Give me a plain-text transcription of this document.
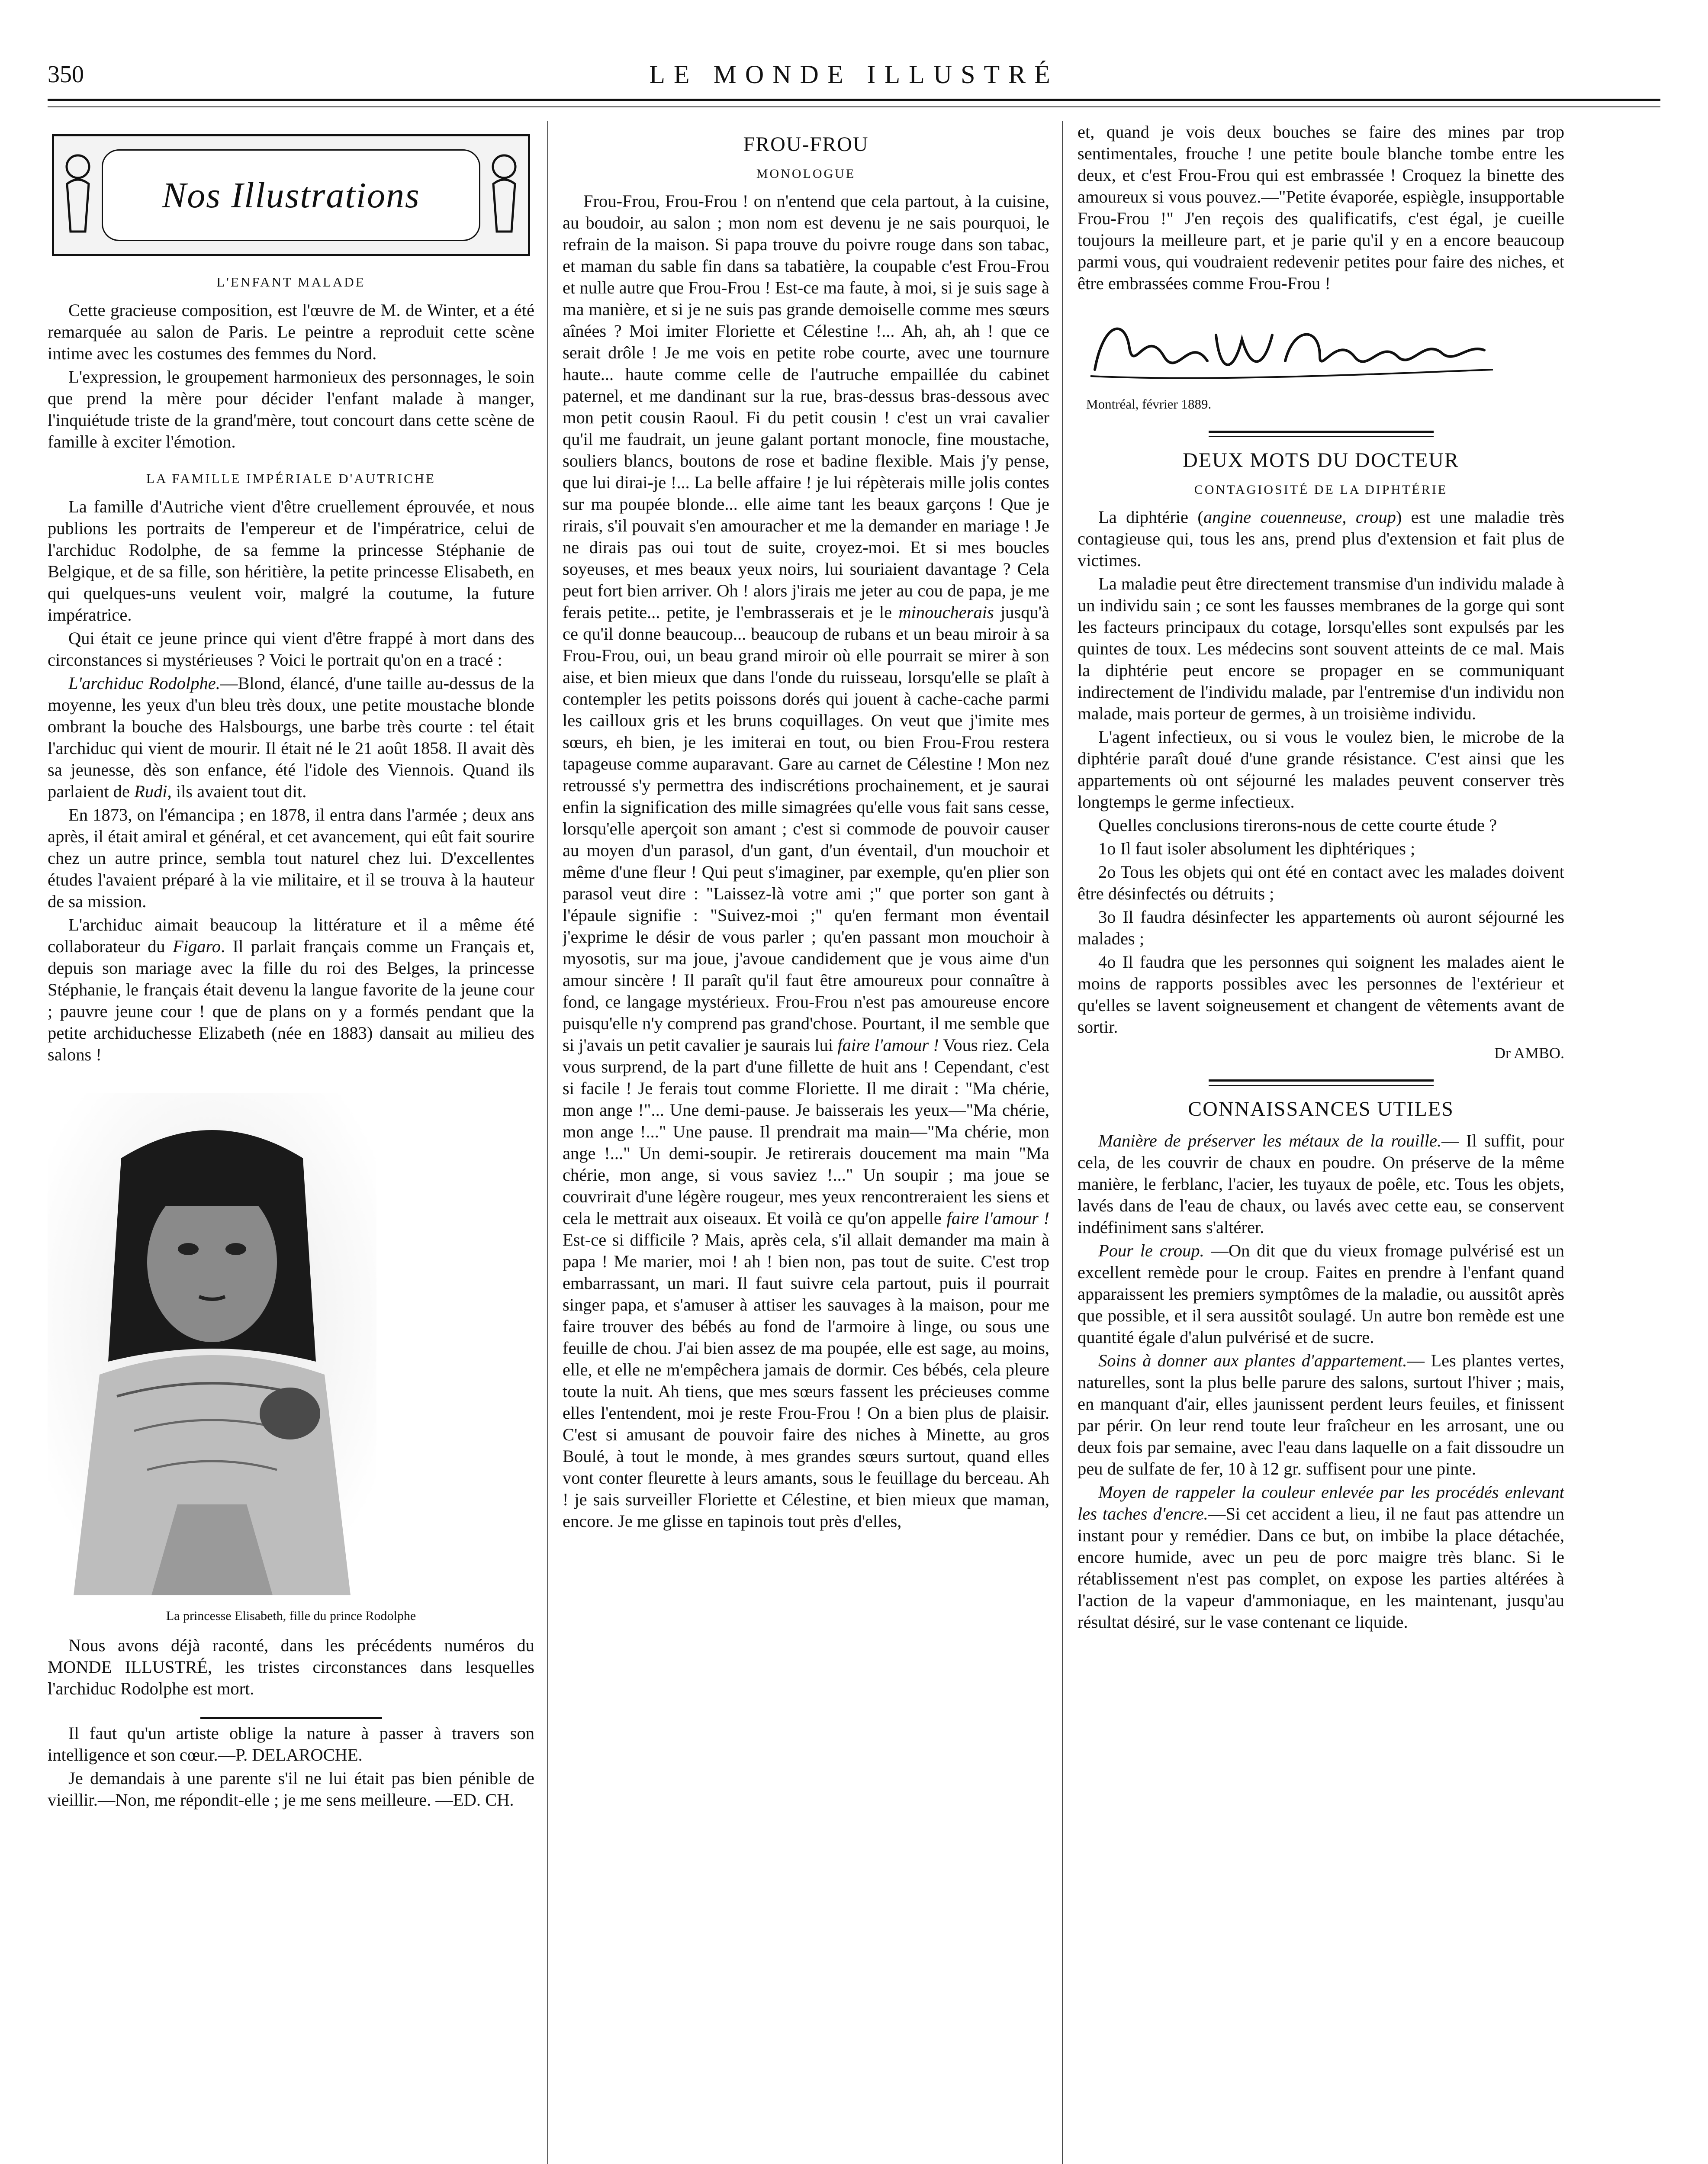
350	LE MONDE ILLUSTRÉ
Nos Illustrations
L'ENFANT MALADE

Cette gracieuse composition, est l'œuvre de M. de Winter, et a été remarquée au salon de Paris. Le peintre a reproduit cette scène intime avec les costumes des femmes du Nord.

L'expression, le groupement harmonieux des personnages, le soin que prend la mère pour décider l'enfant malade à manger, l'inquiétude triste de la grand'mère, tout concourt dans cette scène de famille à exciter l'émotion.

LA FAMILLE IMPÉRIALE D'AUTRICHE

La famille d'Autriche vient d'être cruellement éprouvée, et nous publions les portraits de l'empereur et de l'impératrice, celui de l'archiduc Rodolphe, de sa femme la princesse Stéphanie de Belgique, et de sa fille, son héritière, la petite princesse Elisabeth, en qui quelques-uns veulent voir, malgré la coutume, la future impératrice.

Qui était ce jeune prince qui vient d'être frappé à mort dans des circonstances si mystérieuses ? Voici le portrait qu'on en a tracé :

L'archiduc Rodolphe.—Blond, élancé, d'une taille au-dessus de la moyenne, les yeux d'un bleu très doux, une petite moustache blonde ombrant la bouche des Halsbourgs, une barbe très courte : tel était l'archiduc qui vient de mourir. Il était né le 21 août 1858. Il avait dès sa jeunesse, dès son enfance, été l'idole des Viennois. Quand ils parlaient de Rudi, ils avaient tout dit.

En 1873, on l'émancipa ; en 1878, il entra dans l'armée ; deux ans après, il était amiral et général, et cet avancement, qui eût fait sourire chez un autre prince, sembla tout naturel chez lui. D'excellentes études l'avaient préparé à la vie militaire, et il se trouva à la hauteur de sa mission.

L'archiduc aimait beaucoup la littérature et il a même été collaborateur du Figaro. Il parlait français comme un Français et, depuis son mariage avec la fille du roi des Belges, la princesse Stéphanie, le français était devenu la langue favorite de la jeune cour ; pauvre jeune cour ! que de plans on y a formés pendant que la petite archiduchesse Elizabeth (née en 1883) dansait au milieu des salons !

La princesse Elisabeth, fille du prince Rodolphe

Nous avons déjà raconté, dans les précédents numéros du MONDE ILLUSTRÉ, les tristes circonstances dans lesquelles l'archiduc Rodolphe est mort.

Il faut qu'un artiste oblige la nature à passer à travers son intelligence et son cœur.—P. DELAROCHE.

Je demandais à une parente s'il ne lui était pas bien pénible de vieillir.—Non, me répondit-elle ; je me sens meilleure. —ED. CH.

FROU-FROU
MONOLOGUE

Frou-Frou, Frou-Frou ! on n'entend que cela partout, à la cuisine, au boudoir, au salon ; mon nom est devenu je ne sais pourquoi, le refrain de la maison. Si papa trouve du poivre rouge dans son tabac, et maman du sable fin dans sa tabatière, la coupable c'est Frou-Frou et nulle autre que Frou-Frou ! Est-ce ma faute, à moi, si je suis sage à ma manière, et si je ne suis pas grande demoiselle comme mes sœurs aînées ? Moi imiter Floriette et Célestine !... Ah, ah, ah ! que ce serait drôle ! Je me vois en petite robe courte, avec une tournure haute... haute comme celle de l'autruche empaillée du cabinet paternel, et me dandinant sur la rue, bras-dessus bras-dessous avec mon petit cousin Raoul. Fi du petit cousin ! c'est un vrai cavalier qu'il me faudrait, un jeune galant portant monocle, fine moustache, souliers blancs, boutons de rose et badine flexible. Mais j'y pense, que lui dirai-je !... La belle affaire ! je lui répèterais mille jolis contes sur ma poupée blonde... elle aime tant les beaux garçons ! Que je rirais, s'il pouvait s'en amouracher et me la demander en mariage ! Je ne dirais pas oui tout de suite, croyez-moi. Et si mes boucles soyeuses, et mes beaux yeux noirs, lui souriaient davantage ? Cela peut fort bien arriver. Oh ! alors j'irais me jeter au cou de papa, je me ferais petite... petite, je l'embrasserais et je le minoucherais jusqu'à ce qu'il donne beaucoup... beaucoup de rubans et un beau miroir à sa Frou-Frou, oui, un beau grand miroir où elle pourrait se mirer à son aise, et bien mieux que dans l'onde du ruisseau, lorsqu'elle se plaît à contempler les petits poissons dorés qui jouent à cache-cache parmi les cailloux gris et les bruns coquillages. On veut que j'imite mes sœurs, eh bien, je les imiterai en tout, ou bien Frou-Frou restera tapageuse comme auparavant. Gare au carnet de Célestine ! Mon nez retroussé s'y permettra des indiscrétions prochainement, et je saurai enfin la signification des mille simagrées qu'elle vous fait sans cesse, lorsqu'elle aperçoit son amant ; c'est si commode de pouvoir causer au moyen d'un parasol, d'un gant, d'un éventail, d'un mouchoir et même d'une fleur ! Qui peut s'imaginer, par exemple, qu'en plier son parasol veut dire : "Laissez-là votre ami ;" que porter son gant à l'épaule signifie : "Suivez-moi ;" qu'en fermant mon éventail j'exprime le désir de vous parler ; qu'en passant mon mouchoir à myosotis, sur ma joue, j'avoue candidement que je vous aime d'un amour sincère ! Il paraît qu'il faut être amoureux pour connaître à fond, ce langage mystérieux. Frou-Frou n'est pas amoureuse encore puisqu'elle n'y comprend pas grand'chose. Pourtant, il me semble que si j'avais un petit cavalier je saurais lui faire l'amour ! Vous riez. Cela vous surprend, de la part d'une fillette de huit ans ! Cependant, c'est si facile ! Je ferais tout comme Floriette. Il me dirait : "Ma chérie, mon ange !"... Une demi-pause. Je baisserais les yeux—"Ma chérie, mon ange !..." Une pause. Il prendrait ma main—"Ma chérie, mon ange !..." Un demi-soupir. Je retirerais doucement ma main "Ma chérie, mon ange, si vous saviez !..." Un soupir ; ma joue se couvrirait d'une légère rougeur, mes yeux rencontreraient les siens et cela le mettrait aux oiseaux. Et voilà ce qu'on appelle faire l'amour ! Est-ce si difficile ? Mais, après cela, s'il allait demander ma main à papa ! Me marier, moi ! ah ! bien non, pas tout de suite. C'est trop embarrassant, un mari. Il faut suivre cela partout, puis il pourrait singer papa, et s'amuser à attiser les sauvages à la maison, pour me faire trouver des bébés au fond de l'armoire à linge, ou sous une feuille de chou. J'ai bien assez de ma poupée, elle est sage, au moins, elle, et elle ne m'empêchera jamais de dormir. Ces bébés, cela pleure toute la nuit. Ah tiens, que mes sœurs fassent les précieuses comme elles l'entendent, moi je reste Frou-Frou ! On a bien plus de plaisir. C'est si amusant de pouvoir faire des niches à Minette, au gros Boulé, à tout le monde, à mes grandes sœurs surtout, quand elles vont conter fleurette à leurs amants, sous le feuillage du berceau. Ah ! je sais surveiller Floriette et Célestine, et bien mieux que maman, encore. Je me glisse en tapinois tout près d'elles,

et, quand je vois deux bouches se faire des mines par trop sentimentales, frouche ! une petite boule blanche tombe entre les deux, et c'est Frou-Frou qui est embrassée ! Croquez la binette des amoureux si vous pouvez.—"Petite évaporée, espiègle, insupportable Frou-Frou !" J'en reçois des qualificatifs, c'est égal, je cueille toujours la meilleure part, et je parie qu'il y en a encore beaucoup parmi vous, qui voudraient redevenir petites pour faire des niches, et être embrassées comme Frou-Frou !

Montréal, février 1889.

DEUX MOTS DU DOCTEUR
CONTAGIOSITÉ DE LA DIPHTÉRIE

La diphtérie (angine couenneuse, croup) est une maladie très contagieuse qui, tous les ans, prend plus d'extension et fait plus de victimes.

La maladie peut être directement transmise d'un individu malade à un individu sain ; ce sont les fausses membranes de la gorge qui sont les facteurs principaux du cotage, lorsqu'elles sont expulsés par les quintes de toux. Les médecins sont souvent atteints de ce mal. Mais la diphtérie peut encore se propager en se communiquant indirectement de l'individu malade, par l'entremise d'un individu non malade, mais porteur de germes, à un troisième individu.

L'agent infectieux, ou si vous le voulez bien, le microbe de la diphtérie paraît doué d'une grande résistance. C'est ainsi que les appartements où ont séjourné les malades peuvent conserver très longtemps le germe infectieux.

Quelles conclusions tirerons-nous de cette courte étude ?

1o Il faut isoler absolument les diphtériques ;

2o Tous les objets qui ont été en contact avec les malades doivent être désinfectés ou détruits ;

3o Il faudra désinfecter les appartements où auront séjourné les malades ;

4o Il faudra que les personnes qui soignent les malades aient le moins de rapports possibles avec les personnes de l'extérieur et qu'elles se lavent soigneusement et changent de vêtements avant de sortir.

Dr AMBO.

CONNAISSANCES UTILES

Manière de préserver les métaux de la rouille.— Il suffit, pour cela, de les couvrir de chaux en poudre. On préserve de la même manière, le ferblanc, l'acier, les tuyaux de poêle, etc. Tous les objets, lavés dans de l'eau de chaux, ou lavés avec cette eau, se conservent indéfiniment sans s'altérer.

Pour le croup. —On dit que du vieux fromage pulvérisé est un excellent remède pour le croup. Faites en prendre à l'enfant quand apparaissent les premiers symptômes de la maladie, ou aussitôt après que possible, et il sera aussitôt soulagé. Un autre bon remède est une quantité égale d'alun pulvérisé et de sucre.

Soins à donner aux plantes d'appartement.— Les plantes vertes, naturelles, sont la plus belle parure des salons, surtout l'hiver ; mais, en manquant d'air, elles jaunissent perdent leurs feuiles, et finissent par périr. On leur rend toute leur fraîcheur en les arrosant, une ou deux fois par semaine, avec l'eau dans laquelle on a fait dissoudre un peu de sulfate de fer, 10 à 12 gr. suffisent pour une pinte.

Moyen de rappeler la couleur enlevée par les procédés enlevant les taches d'encre.—Si cet accident a lieu, il ne faut pas attendre un instant pour y remédier. Dans ce but, on imbibe la place détachée, encore humide, avec un peu de porc maigre très blanc. Si le rétablissement n'est pas complet, on expose les parties altérées à l'action de la vapeur d'ammoniaque, en les maintenant, jusqu'au résultat désiré, sur le vase contenant ce liquide.
